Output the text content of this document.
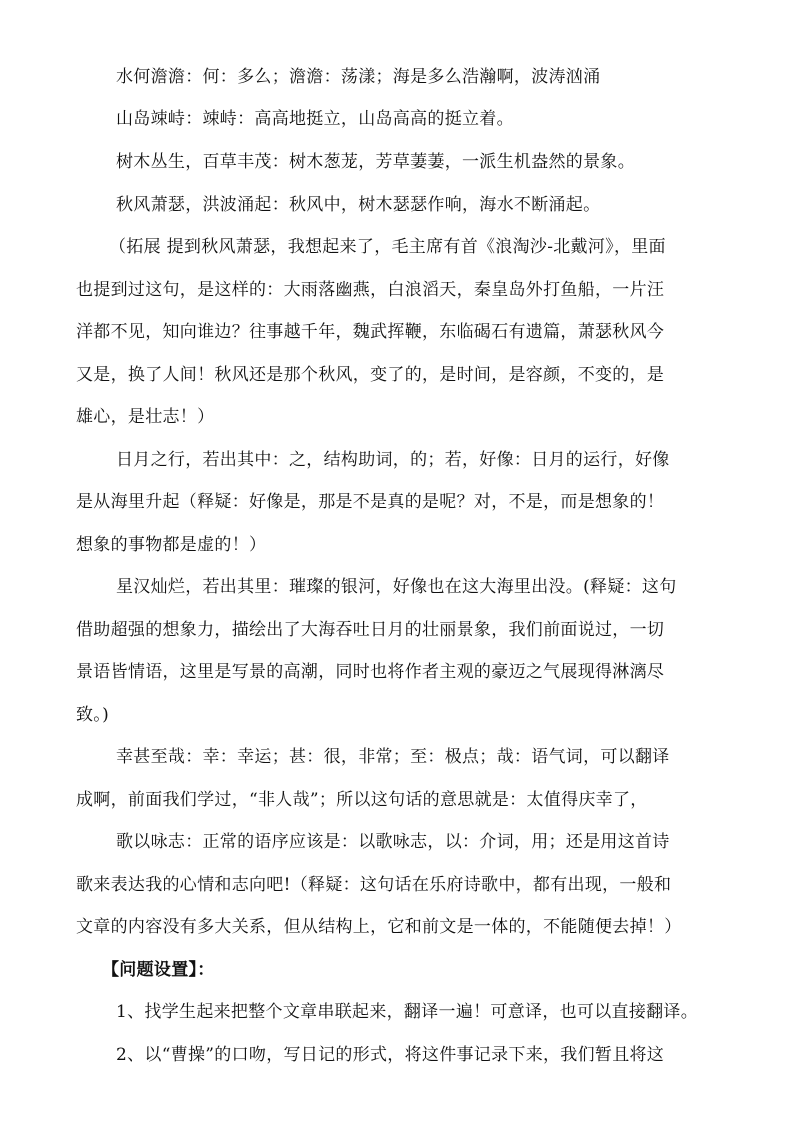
水何澹澹：何：多么；澹澹：荡漾；海是多么浩瀚啊，波涛汹涌
山岛竦峙：竦峙：高高地挺立，山岛高高的挺立着。
树木丛生，百草丰茂：树木葱茏，芳草萋萋，一派生机盎然的景象。
秋风萧瑟，洪波涌起：秋风中，树木瑟瑟作响，海水不断涌起。
（拓展 提到秋风萧瑟，我想起来了，毛主席有首《浪淘沙-北戴河》，里面
也提到过这句，是这样的：大雨落幽燕，白浪滔天，秦皇岛外打鱼船，一片汪
洋都不见，知向谁边？往事越千年，魏武挥鞭，东临碣石有遗篇，萧瑟秋风今
又是，换了人间！秋风还是那个秋风，变了的，是时间，是容颜，不变的，是
雄心，是壮志！）
日月之行，若出其中：之，结构助词，的；若，好像：日月的运行，好像
是从海里升起（释疑：好像是，那是不是真的是呢？对，不是，而是想象的！
想象的事物都是虚的！）
星汉灿烂，若出其里：璀璨的银河，好像也在这大海里出没。(释疑：这句
借助超强的想象力，描绘出了大海吞吐日月的壮丽景象，我们前面说过，一切
景语皆情语，这里是写景的高潮，同时也将作者主观的豪迈之气展现得淋漓尽
致。)
幸甚至哉：幸：幸运；甚：很，非常；至：极点；哉：语气词，可以翻译
成啊，前面我们学过，“非人哉”；所以这句话的意思就是：太值得庆幸了，
歌以咏志：正常的语序应该是：以歌咏志，以：介词，用；还是用这首诗
歌来表达我的心情和志向吧!（释疑：这句话在乐府诗歌中，都有出现，一般和
文章的内容没有多大关系，但从结构上，它和前文是一体的，不能随便去掉！）
【问题设置】：
1、找学生起来把整个文章串联起来，翻译一遍！可意译，也可以直接翻译。
2、以“曹操”的口吻，写日记的形式，将这件事记录下来，我们暂且将这
